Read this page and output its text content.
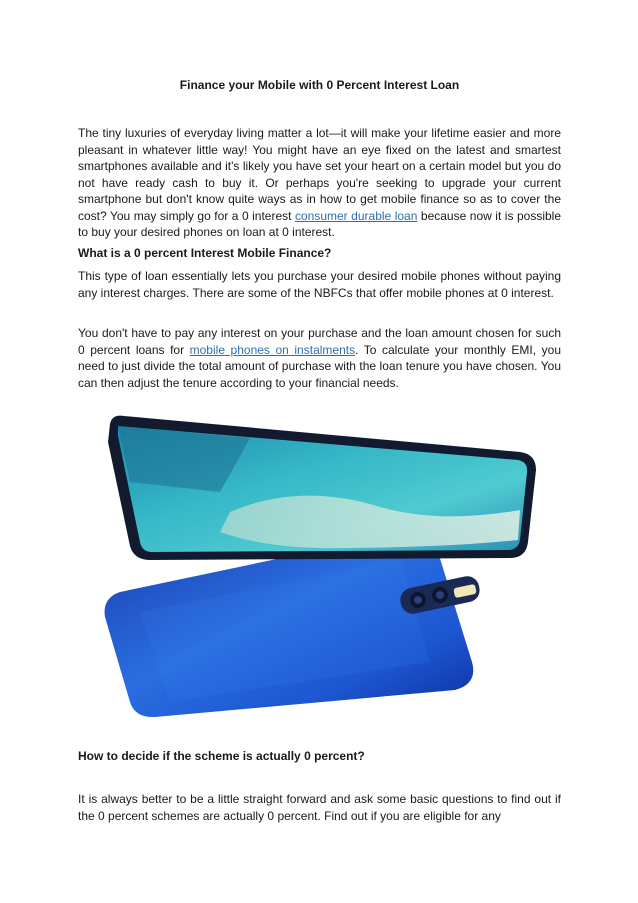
Finance your Mobile with 0 Percent Interest Loan

The tiny luxuries of everyday living matter a lot—it will make your lifetime easier and more pleasant in whatever little way! You might have an eye fixed on the latest and smartest smartphones available and it's likely you have set your heart on a certain model but you do not have ready cash to buy it. Or perhaps you're seeking to upgrade your current smartphone but don't know quite ways as in how to get mobile finance so as to cover the cost? You may simply go for a 0 interest consumer durable loan because now it is possible to buy your desired phones on loan at 0 interest.

What is a 0 percent Interest Mobile Finance?

This type of loan essentially lets you purchase your desired mobile phones without paying any interest charges. There are some of the NBFCs that offer mobile phones at 0 interest.

You don't have to pay any interest on your purchase and the loan amount chosen for such 0 percent loans for mobile phones on instalments. To calculate your monthly EMI, you need to just divide the total amount of purchase with the loan tenure you have chosen. You can then adjust the tenure according to your financial needs.

How to decide if the scheme is actually 0 percent?

It is always better to be a little straight forward and ask some basic questions to find out if the 0 percent schemes are actually 0 percent. Find out if you are eligible for any
